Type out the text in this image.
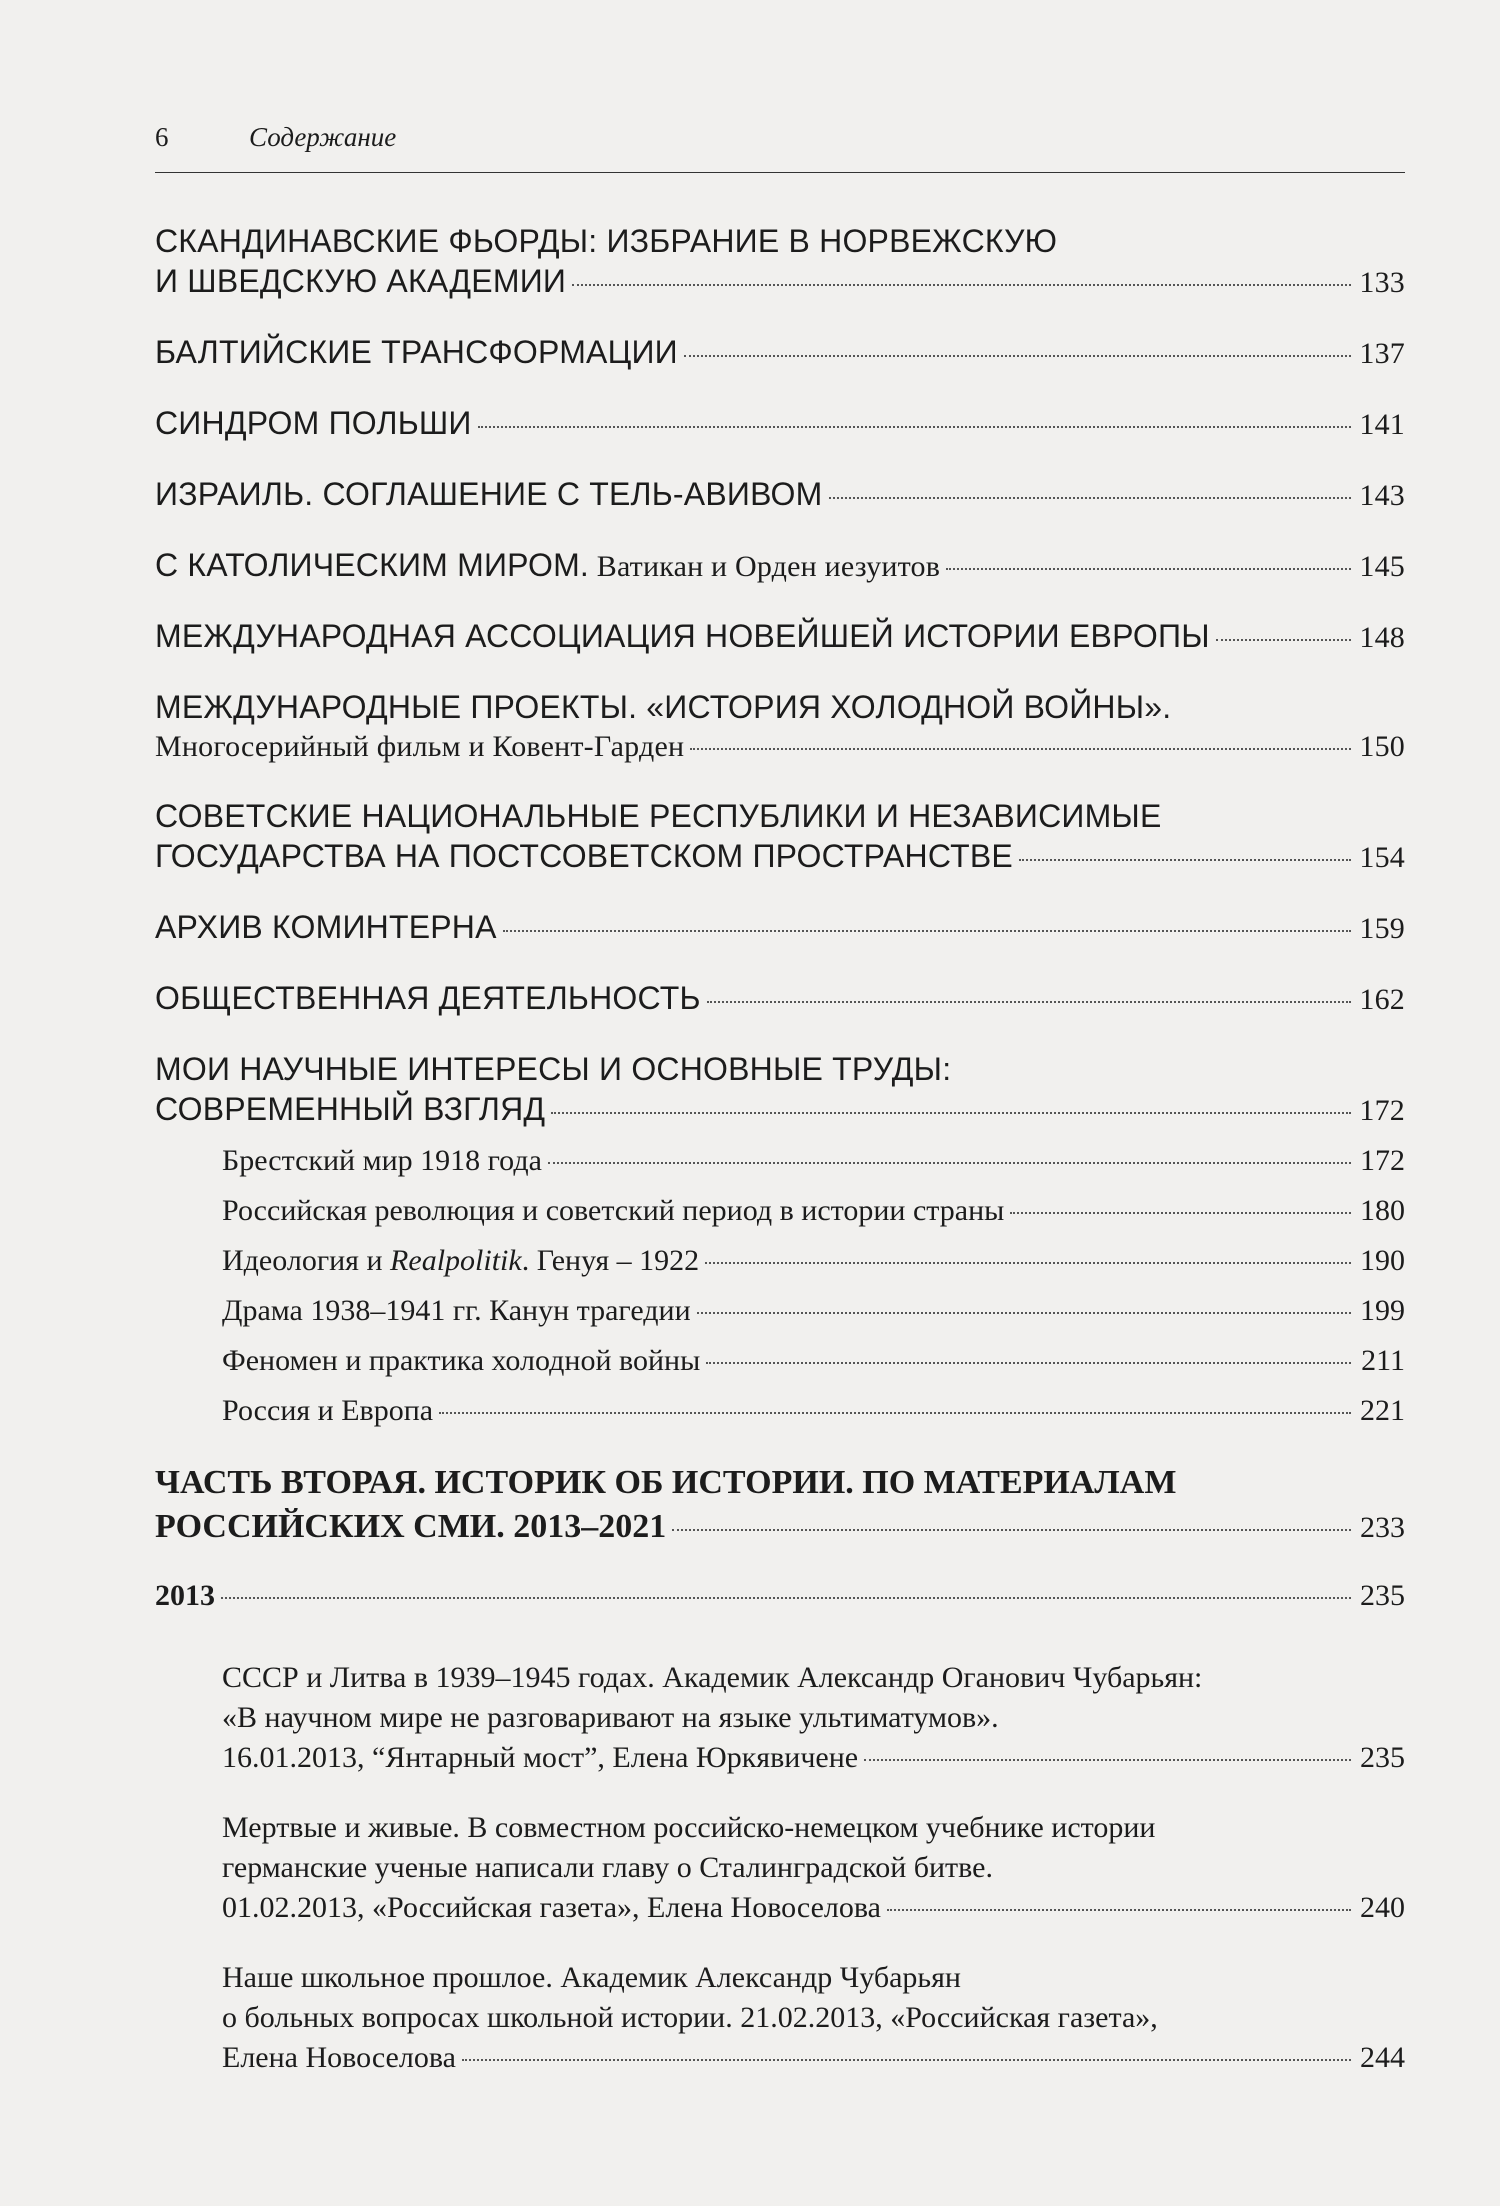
6	Содержание
СКАНДИНАВСКИЕ ФЬОРДЫ: ИЗБРАНИЕ В НОРВЕЖСКУЮ
И ШВЕДСКУЮ АКАДЕМИИ	133
БАЛТИЙСКИЕ ТРАНСФОРМАЦИИ	137
СИНДРОМ ПОЛЬШИ	141
ИЗРАИЛЬ. СОГЛАШЕНИЕ С ТЕЛЬ-АВИВОМ	143
С КАТОЛИЧЕСКИМ МИРОМ. Ватикан и Орден иезуитов	145
МЕЖДУНАРОДНАЯ АССОЦИАЦИЯ НОВЕЙШЕЙ ИСТОРИИ ЕВРОПЫ	148
МЕЖДУНАРОДНЫЕ ПРОЕКТЫ. «ИСТОРИЯ ХОЛОДНОЙ ВОЙНЫ».
Многосерийный фильм и Ковент-Гарден	150
СОВЕТСКИЕ НАЦИОНАЛЬНЫЕ РЕСПУБЛИКИ И НЕЗАВИСИМЫЕ
ГОСУДАРСТВА НА ПОСТСОВЕТСКОМ ПРОСТРАНСТВЕ	154
АРХИВ КОМИНТЕРНА	159
ОБЩЕСТВЕННАЯ ДЕЯТЕЛЬНОСТЬ	162
МОИ НАУЧНЫЕ ИНТЕРЕСЫ И ОСНОВНЫЕ ТРУДЫ:
СОВРЕМЕННЫЙ ВЗГЛЯД	172
Брестский мир 1918 года	172
Российская революция и советский период в истории страны	180
Идеология и Realpolitik. Генуя – 1922	190
Драма 1938–1941 гг. Канун трагедии	199
Феномен и практика холодной войны	211
Россия и Европа	221
ЧАСТЬ ВТОРАЯ. ИСТОРИК ОБ ИСТОРИИ. ПО МАТЕРИАЛАМ
РОССИЙСКИХ СМИ. 2013–2021	233
2013	235
СССР и Литва в 1939–1945 годах. Академик Александр Оганович Чубарьян:
«В научном мире не разговаривают на языке ультиматумов».
16.01.2013, “Янтарный мост”, Елена Юркявичене	235
Мертвые и живые. В совместном российско-немецком учебнике истории
германские ученые написали главу о Сталинградской битве.
01.02.2013, «Российская газета», Елена Новоселова	240
Наше школьное прошлое. Академик Александр Чубарьян
о больных вопросах школьной истории. 21.02.2013, «Российская газета»,
Елена Новоселова	244
